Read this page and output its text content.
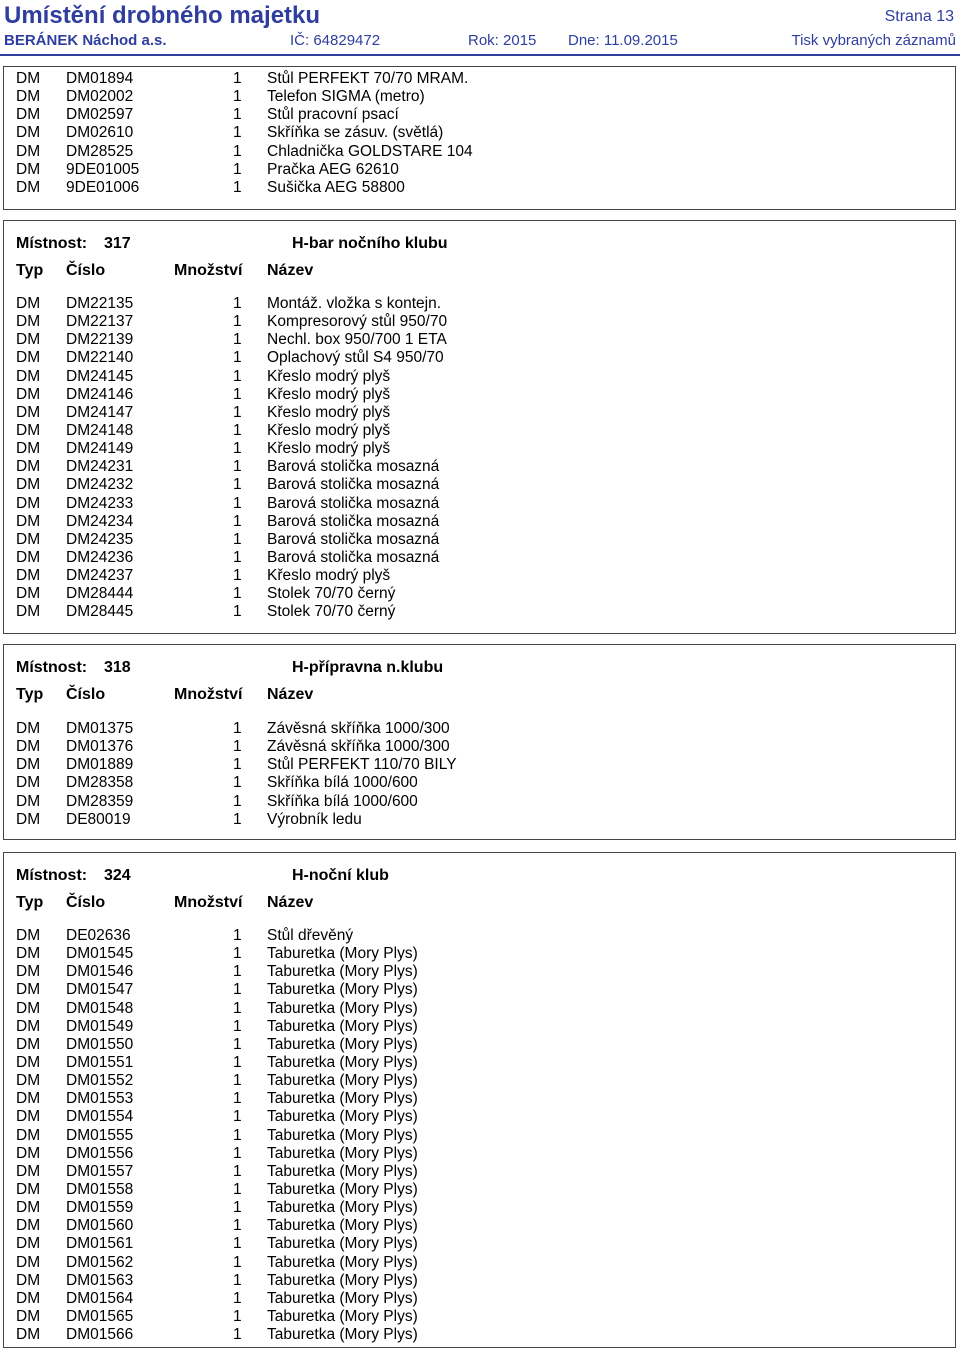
Umístění drobného majetku	Strana 13
BERÁNEK Náchod a.s.	IČ: 64829472	Rok: 2015 Dne: 11.09.2015	Tisk vybraných záznamů
DM DM01894	1 Stůl PERFEKT 70/70 MRAM.
DM DM02002	1 Telefon SIGMA (metro)
DM DM02597	1 Stůl pracovní psací
DM DM02610	1 Skříňka se zásuv. (světlá)
DM DM28525	1 Chladnička GOLDSTARE 104
DM 9DE01005	1 Pračka AEG 62610
DM 9DE01006	1 Sušička AEG 58800
Místnost: 317	H-bar nočního klubu
Typ Číslo	Množství Název
DM DM22135	1 Montáž. vložka s kontejn.
DM DM22137	1 Kompresorový stůl 950/70
DM DM22139	1 Nechl. box 950/700 1 ETA
DM DM22140	1 Oplachový stůl S4 950/70
DM DM24145	1 Křeslo modrý plyš
DM DM24146	1 Křeslo modrý plyš
DM DM24147	1 Křeslo modrý plyš
DM DM24148	1 Křeslo modrý plyš
DM DM24149	1 Křeslo modrý plyš
DM DM24231	1 Barová stolička mosazná
DM DM24232	1 Barová stolička mosazná
DM DM24233	1 Barová stolička mosazná
DM DM24234	1 Barová stolička mosazná
DM DM24235	1 Barová stolička mosazná
DM DM24236	1 Barová stolička mosazná
DM DM24237	1 Křeslo modrý plyš
DM DM28444	1 Stolek 70/70 černý
DM DM28445	1 Stolek 70/70 černý
Místnost: 318	H-přípravna n.klubu
Typ Číslo	Množství Název
DM DM01375	1 Závěsná skříňka 1000/300
DM DM01376	1 Závěsná skříňka 1000/300
DM DM01889	1 Stůl PERFEKT 110/70 BILY
DM DM28358	1 Skříňka bílá 1000/600
DM DM28359	1 Skříňka bílá 1000/600
DM DE80019	1 Výrobník ledu
Místnost: 324	H-noční klub
Typ Číslo	Množství Název
DM DE02636	1 Stůl dřevěný
DM DM01545	1 Taburetka (Mory Plys)
DM DM01546	1 Taburetka (Mory Plys)
DM DM01547	1 Taburetka (Mory Plys)
DM DM01548	1 Taburetka (Mory Plys)
DM DM01549	1 Taburetka (Mory Plys)
DM DM01550	1 Taburetka (Mory Plys)
DM DM01551	1 Taburetka (Mory Plys)
DM DM01552	1 Taburetka (Mory Plys)
DM DM01553	1 Taburetka (Mory Plys)
DM DM01554	1 Taburetka (Mory Plys)
DM DM01555	1 Taburetka (Mory Plys)
DM DM01556	1 Taburetka (Mory Plys)
DM DM01557	1 Taburetka (Mory Plys)
DM DM01558	1 Taburetka (Mory Plys)
DM DM01559	1 Taburetka (Mory Plys)
DM DM01560	1 Taburetka (Mory Plys)
DM DM01561	1 Taburetka (Mory Plys)
DM DM01562	1 Taburetka (Mory Plys)
DM DM01563	1 Taburetka (Mory Plys)
DM DM01564	1 Taburetka (Mory Plys)
DM DM01565	1 Taburetka (Mory Plys)
DM DM01566	1 Taburetka (Mory Plys)
